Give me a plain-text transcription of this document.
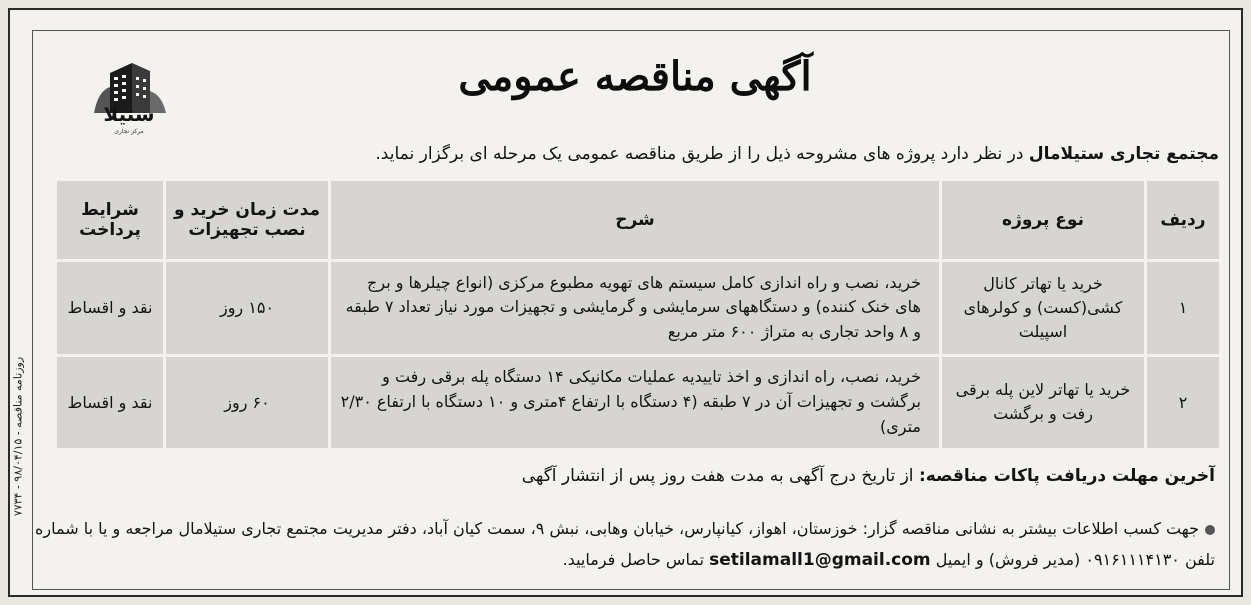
روزنامه مناقصه - ۹۸/۰۴/۱۵ - ۷۷۳۴
ستیلا
مرکز تجاری
آگهی مناقصه عمومی
مجتمع تجاری ستیلامال در نظر دارد پروژه های مشروحه ذیل را از طریق مناقصه عمومی یک مرحله ای برگزار نماید.
ردیف	نوع پروژه	شرح	مدت زمان خرید و نصب تجهیزات	شرایط پرداخت
۱	خرید یا تهاتر کانال کشی(کست) و کولرهای اسپیلت	خرید، نصب و راه اندازی کامل سیستم های تهویه مطبوع مرکزی (انواع چیلرها و برج های خنک کننده) و دستگاههای سرمایشی و گرمایشی و تجهیزات مورد نیاز تعداد ۷ طبقه و ۸ واحد تجاری به متراژ ۶۰۰ متر مربع	۱۵۰ روز	نقد و اقساط
۲	خرید یا تهاتر لاین پله برقی رفت و برگشت	خرید، نصب، راه اندازی و اخذ تاییدیه عملیات مکانیکی ۱۴ دستگاه پله برقی رفت و برگشت و تجهیزات آن در ۷ طبقه (۴ دستگاه با ارتفاع ۴متری و ۱۰ دستگاه با ارتفاع ۲/۳۰ متری)	۶۰ روز	نقد و اقساط
آخرین مهلت دریافت پاکات مناقصه: از تاریخ درج آگهی به مدت هفت روز پس از انتشار آگهی
جهت کسب اطلاعات بیشتر به نشانی مناقصه گزار: خوزستان، اهواز، کیانپارس، خیابان وهابی، نبش ۹، سمت کیان آباد، دفتر مدیریت مجتمع تجاری ستیلامال مراجعه و یا با شماره تلفن ۰۹۱۶۱۱۱۴۱۳۰ (مدیر فروش) و ایمیل setilamall1@gmail.com تماس حاصل فرمایید.
